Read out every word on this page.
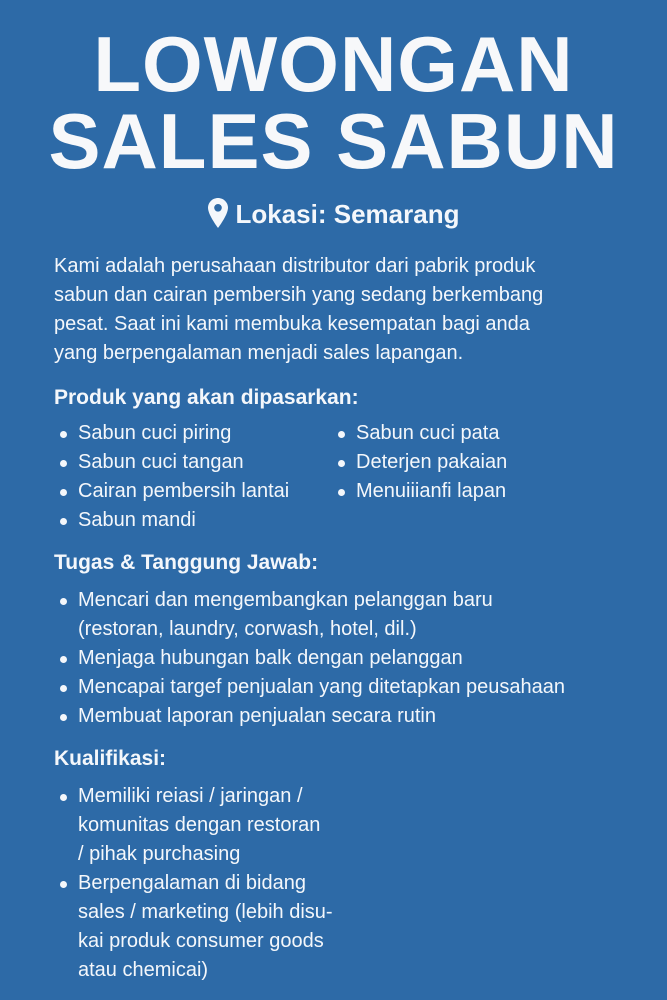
LOWONGAN
SALES SABUN
Lokasi: Semarang

Kami adalah perusahaan distributor dari pabrik produk
sabun dan cairan pembersih yang sedang berkembang
pesat. Saat ini kami membuka kesempatan bagi anda
yang berpengalaman menjadi sales lapangan.

Produk yang akan dipasarkan:
Sabun cuci piring
Sabun cuci tangan
Cairan pembersih lantai
Sabun mandi
Sabun cuci pata
Deterjen pakaian
Menuiiianfi lapan
Tugas & Tanggung Jawab:
Mencari dan mengembangkan pelanggan baru
(restoran, laundry, corwash, hotel, dil.)
Menjaga hubungan balk dengan pelanggan
Mencapai targef penjualan yang ditetapkan peusahaan
Membuat laporan penjualan secara rutin
Kualifikasi:
Memiliki reiasi / jaringan /
komunitas dengan restoran
/ pihak purchasing
Berpengalaman di bidang
sales / marketing (lebih disu-
kai produk consumer goods
atau chemicai)
